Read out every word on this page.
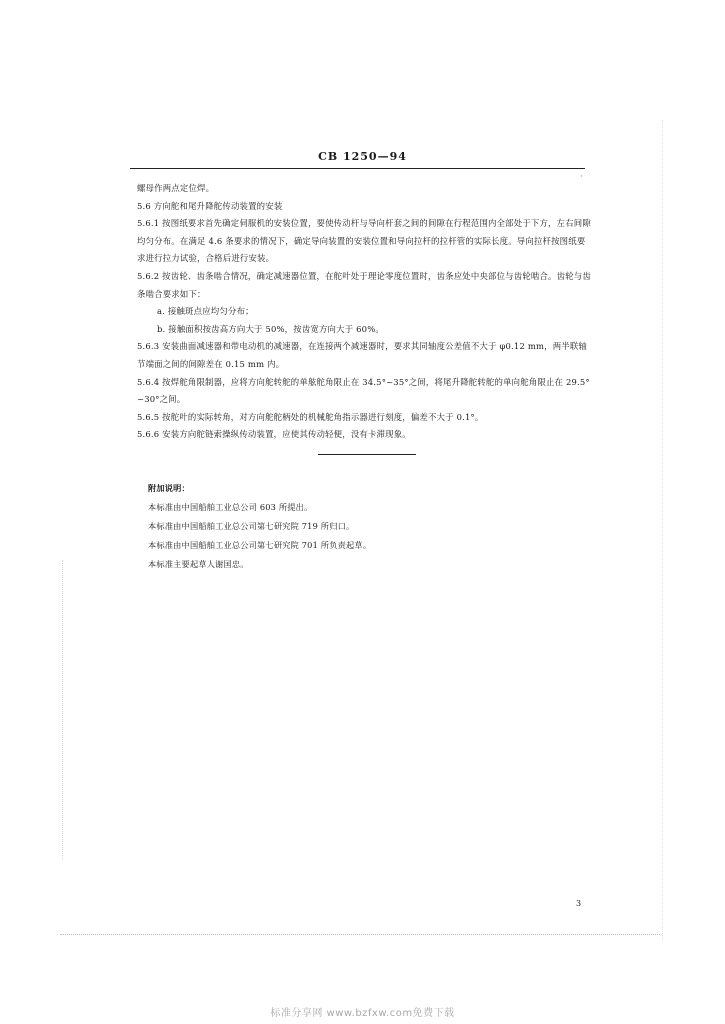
CB 1250—94
·

螺母作两点定位焊。

5.6 方向舵和尾升降舵传动装置的安装

5.6.1 按图纸要求首先确定伺服机的安装位置，要使传动杆与导向杆套之间的间隙在行程范围内全部处于下方，左右间隙均匀分布。在满足 4.6 条要求的情况下，确定导向装置的安装位置和导向拉杆的拉杆管的实际长度。导向拉杆按图纸要求进行拉力试验，合格后进行安装。

5.6.2 按齿轮、齿条啮合情况，确定减速器位置，在舵叶处于理论零度位置时，齿条应处中央部位与齿轮啮合。齿轮与齿条啮合要求如下：

a. 接触斑点应均匀分布；

b. 接触面积按齿高方向大于 50%，按齿宽方向大于 60%。

5.6.3 安装曲面减速器和带电动机的减速器，在连接两个减速器时，要求其同轴度公差值不大于 φ0.12 mm，两半联轴节端面之间的间隙差在 0.15 mm 内。

5.6.4 按焊舵角限制器，应将方向舵转舵的单舷舵角限止在 34.5°~35°之间，将尾升降舵转舵的单向舵角限止在 29.5°~30°之间。

5.6.5 按舵叶的实际转角，对方向舵舵柄处的机械舵角指示器进行刻度，偏差不大于 0.1°。

5.6.6 安装方向舵链索操纵传动装置，应使其传动轻便，没有卡滞现象。

附加说明：
本标准由中国船舶工业总公司 603 所提出。
本标准由中国船舶工业总公司第七研究院 719 所归口。
本标准由中国船舶工业总公司第七研究院 701 所负责起草。
本标准主要起草人谢国忠。
3
标准分享网 www.bzfxw.com免费下载
